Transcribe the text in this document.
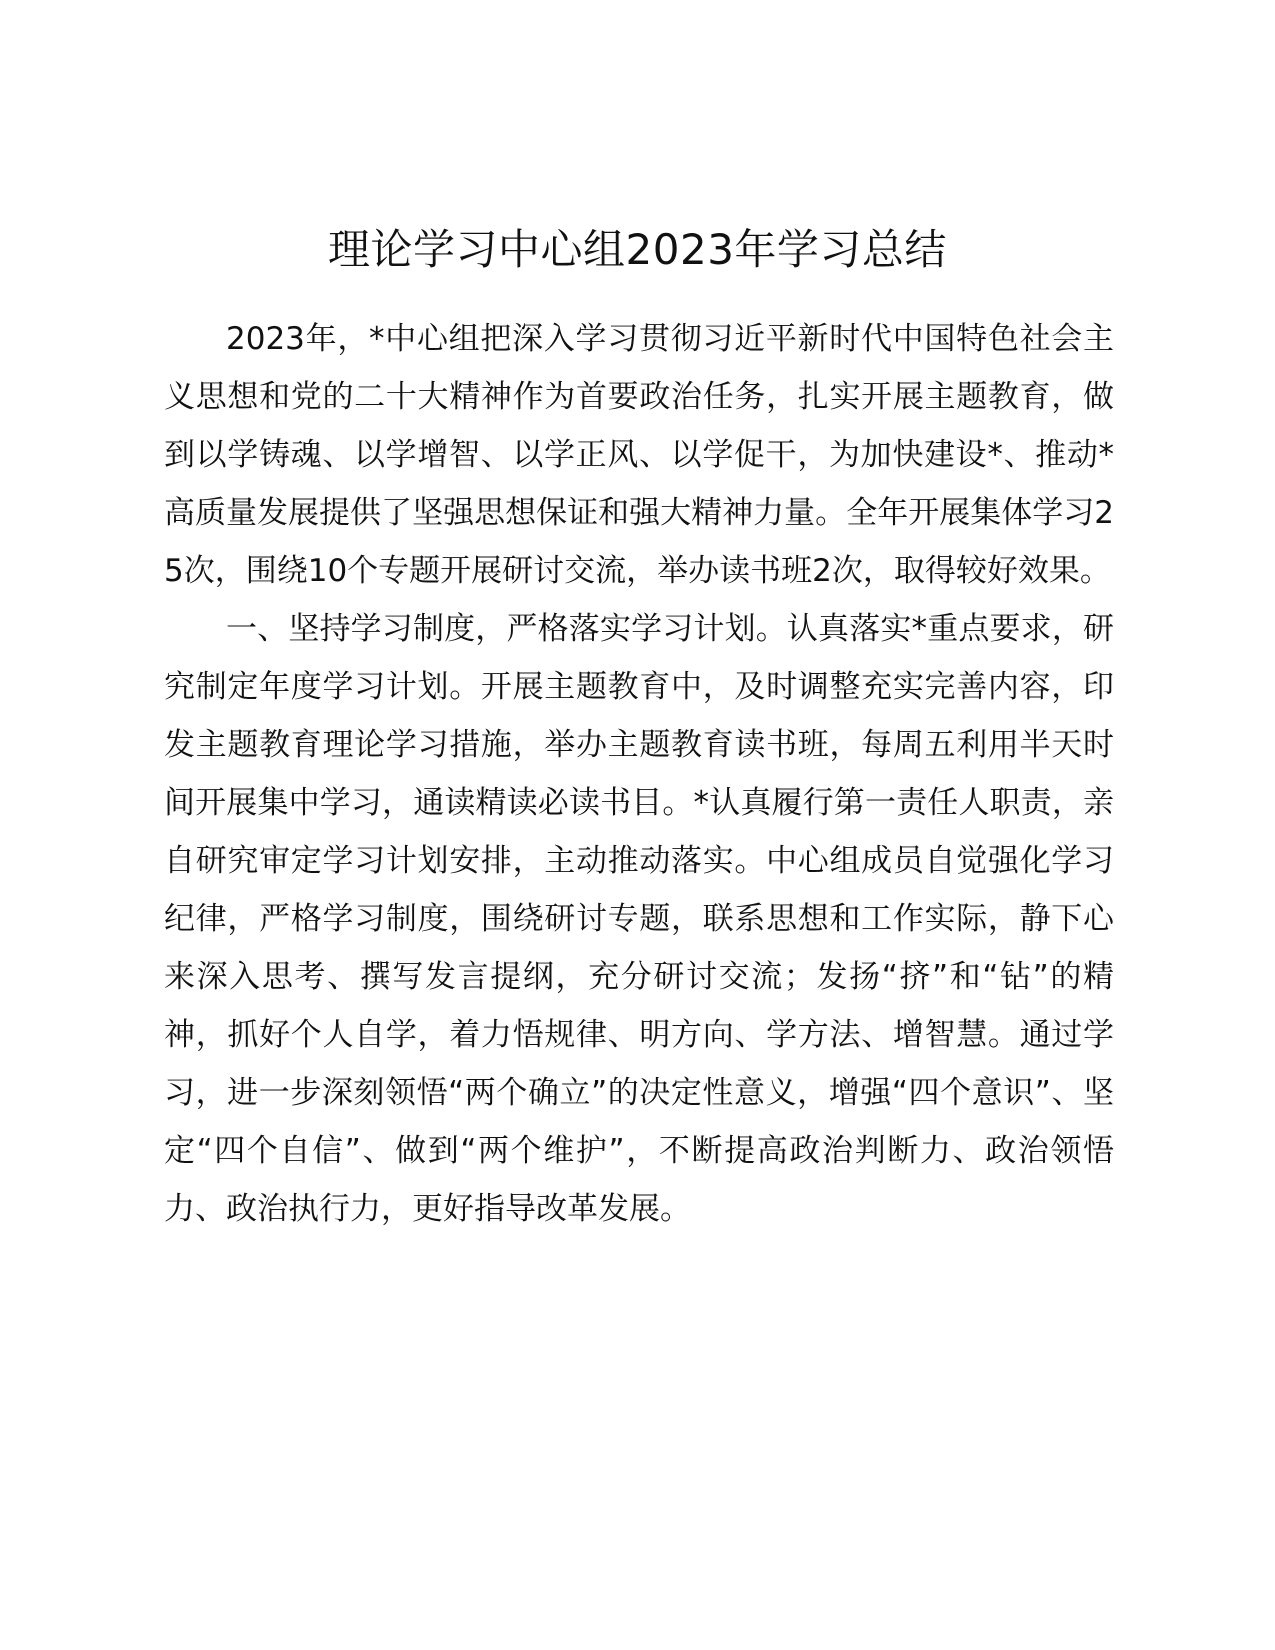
理论学习中心组2023年学习总结

2023年，*中心组把深入学习贯彻习近平新时代中国特色社会主义思想和党的二十大精神作为首要政治任务，扎实开展主题教育，做到以学铸魂、以学增智、以学正风、以学促干，为加快建设*、推动*高质量发展提供了坚强思想保证和强大精神力量。全年开展集体学习25次，围绕10个专题开展研讨交流，举办读书班2次，取得较好效果。

一、坚持学习制度，严格落实学习计划。认真落实*重点要求，研究制定年度学习计划。开展主题教育中，及时调整充实完善内容，印发主题教育理论学习措施，举办主题教育读书班，每周五利用半天时间开展集中学习，通读精读必读书目。*认真履行第一责任人职责，亲自研究审定学习计划安排，主动推动落实。中心组成员自觉强化学习纪律，严格学习制度，围绕研讨专题，联系思想和工作实际，静下心来深入思考、撰写发言提纲，充分研讨交流；发扬“挤”和“钻”的精神，抓好个人自学，着力悟规律、明方向、学方法、增智慧。通过学习，进一步深刻领悟“两个确立”的决定性意义，增强“四个意识”、坚定“四个自信”、做到“两个维护”，不断提高政治判断力、政治领悟力、政治执行力，更好指导改革发展。
